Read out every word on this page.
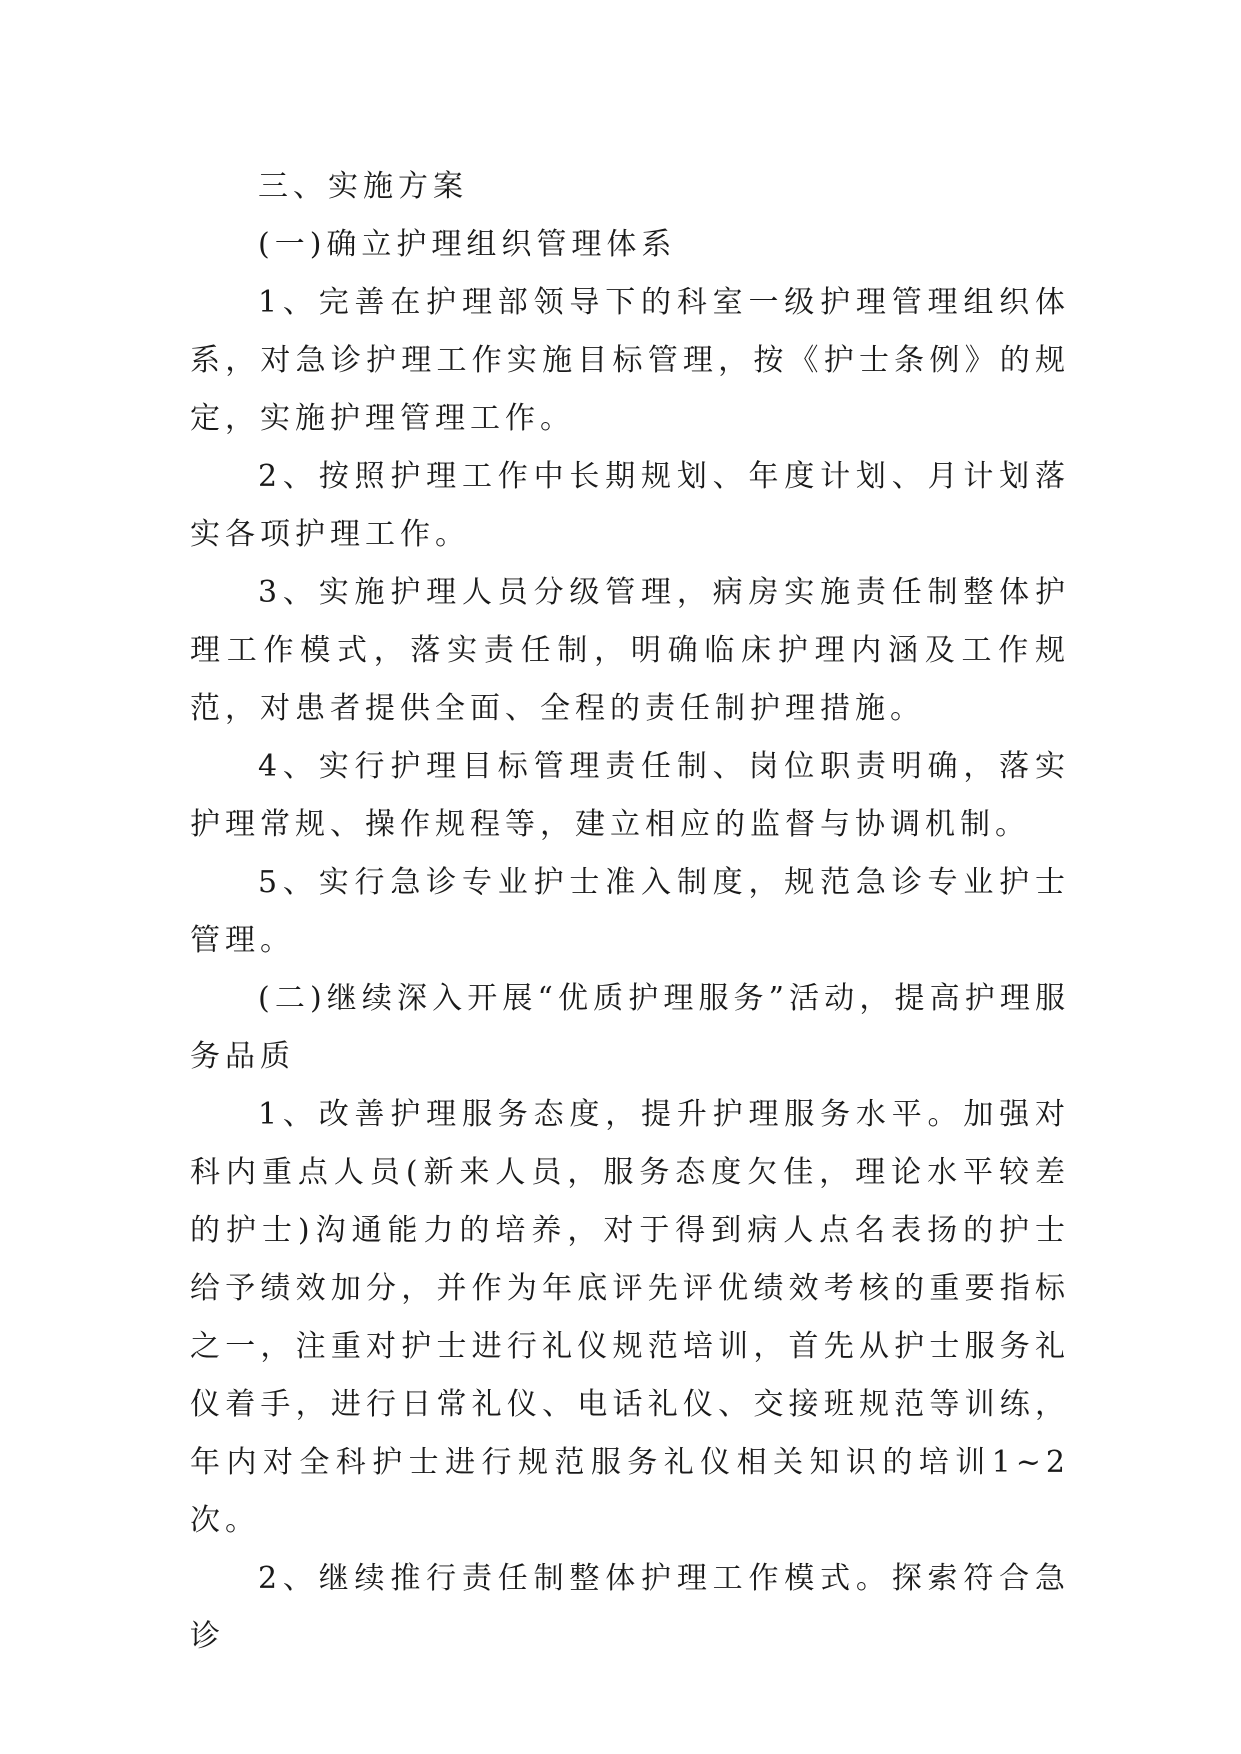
三、实施方案

(一)确立护理组织管理体系

1、完善在护理部领导下的科室一级护理管理组织体系，对急诊护理工作实施目标管理，按《护士条例》的规定，实施护理管理工作。

2、按照护理工作中长期规划、年度计划、月计划落实各项护理工作。

3、实施护理人员分级管理，病房实施责任制整体护理工作模式，落实责任制，明确临床护理内涵及工作规范，对患者提供全面、全程的责任制护理措施。

4、实行护理目标管理责任制、岗位职责明确，落实护理常规、操作规程等，建立相应的监督与协调机制。

5、实行急诊专业护士准入制度，规范急诊专业护士管理。

(二)继续深入开展“优质护理服务”活动，提高护理服务品质

1、改善护理服务态度，提升护理服务水平。加强对科内重点人员(新来人员，服务态度欠佳，理论水平较差的护士)沟通能力的培养，对于得到病人点名表扬的护士给予绩效加分，并作为年底评先评优绩效考核的重要指标之一，注重对护士进行礼仪规范培训，首先从护士服务礼仪着手，进行日常礼仪、电话礼仪、交接班规范等训练，年内对全科护士进行规范服务礼仪相关知识的培训1~2次。

2、继续推行责任制整体护理工作模式。探索符合急诊
